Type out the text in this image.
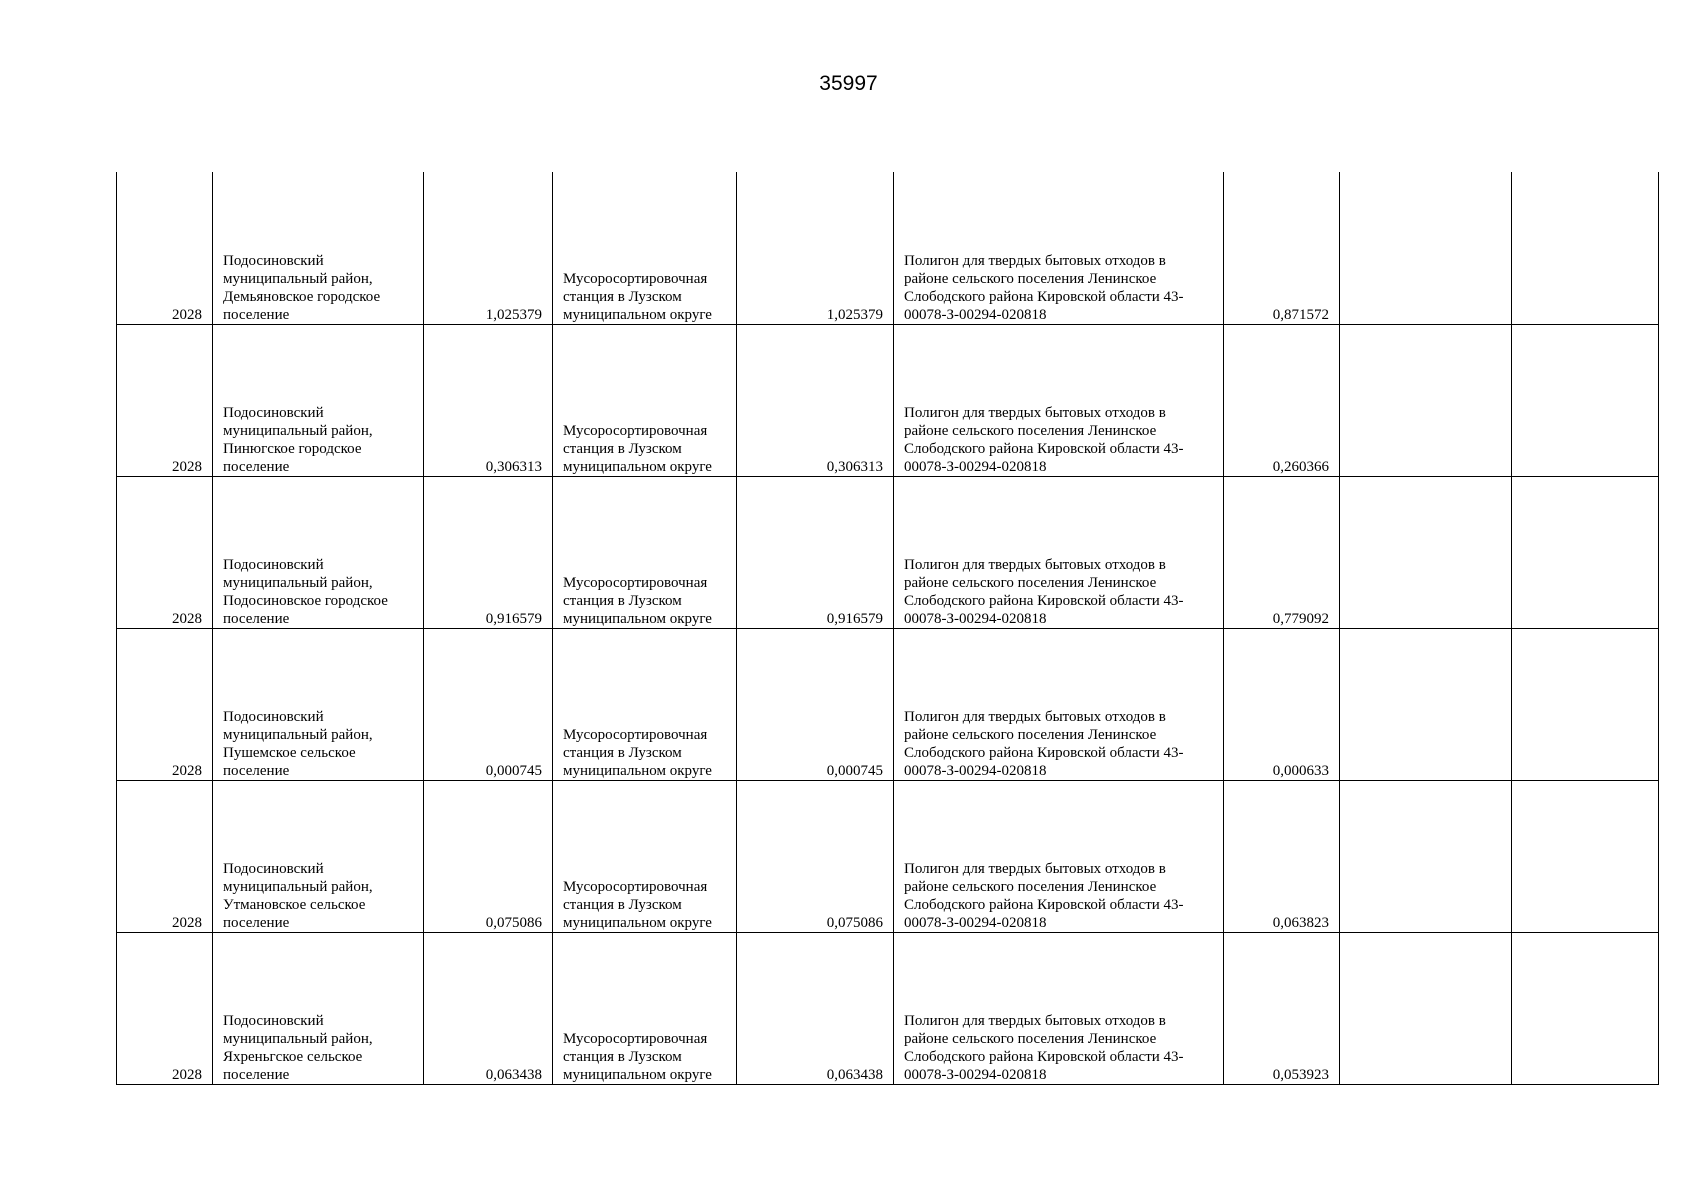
35997
2028	Подосиновский муниципальный район, Демьяновское городское поселение	1,025379	Мусоросортировочная станция в Лузском муниципальном округе	1,025379	Полигон для твердых бытовых отходов в районе сельского поселения Ленинское Слободского района Кировской области 43-00078-З-00294-020818	0,871572		
2028	Подосиновский муниципальный район, Пинюгское городское поселение	0,306313	Мусоросортировочная станция в Лузском муниципальном округе	0,306313	Полигон для твердых бытовых отходов в районе сельского поселения Ленинское Слободского района Кировской области 43-00078-З-00294-020818	0,260366		
2028	Подосиновский муниципальный район, Подосиновское городское поселение	0,916579	Мусоросортировочная станция в Лузском муниципальном округе	0,916579	Полигон для твердых бытовых отходов в районе сельского поселения Ленинское Слободского района Кировской области 43-00078-З-00294-020818	0,779092		
2028	Подосиновский муниципальный район, Пушемское сельское поселение	0,000745	Мусоросортировочная станция в Лузском муниципальном округе	0,000745	Полигон для твердых бытовых отходов в районе сельского поселения Ленинское Слободского района Кировской области 43-00078-З-00294-020818	0,000633		
2028	Подосиновский муниципальный район, Утмановское сельское поселение	0,075086	Мусоросортировочная станция в Лузском муниципальном округе	0,075086	Полигон для твердых бытовых отходов в районе сельского поселения Ленинское Слободского района Кировской области 43-00078-З-00294-020818	0,063823		
2028	Подосиновский муниципальный район, Яхреньгское сельское поселение	0,063438	Мусоросортировочная станция в Лузском муниципальном округе	0,063438	Полигон для твердых бытовых отходов в районе сельского поселения Ленинское Слободского района Кировской области 43-00078-З-00294-020818	0,053923		
